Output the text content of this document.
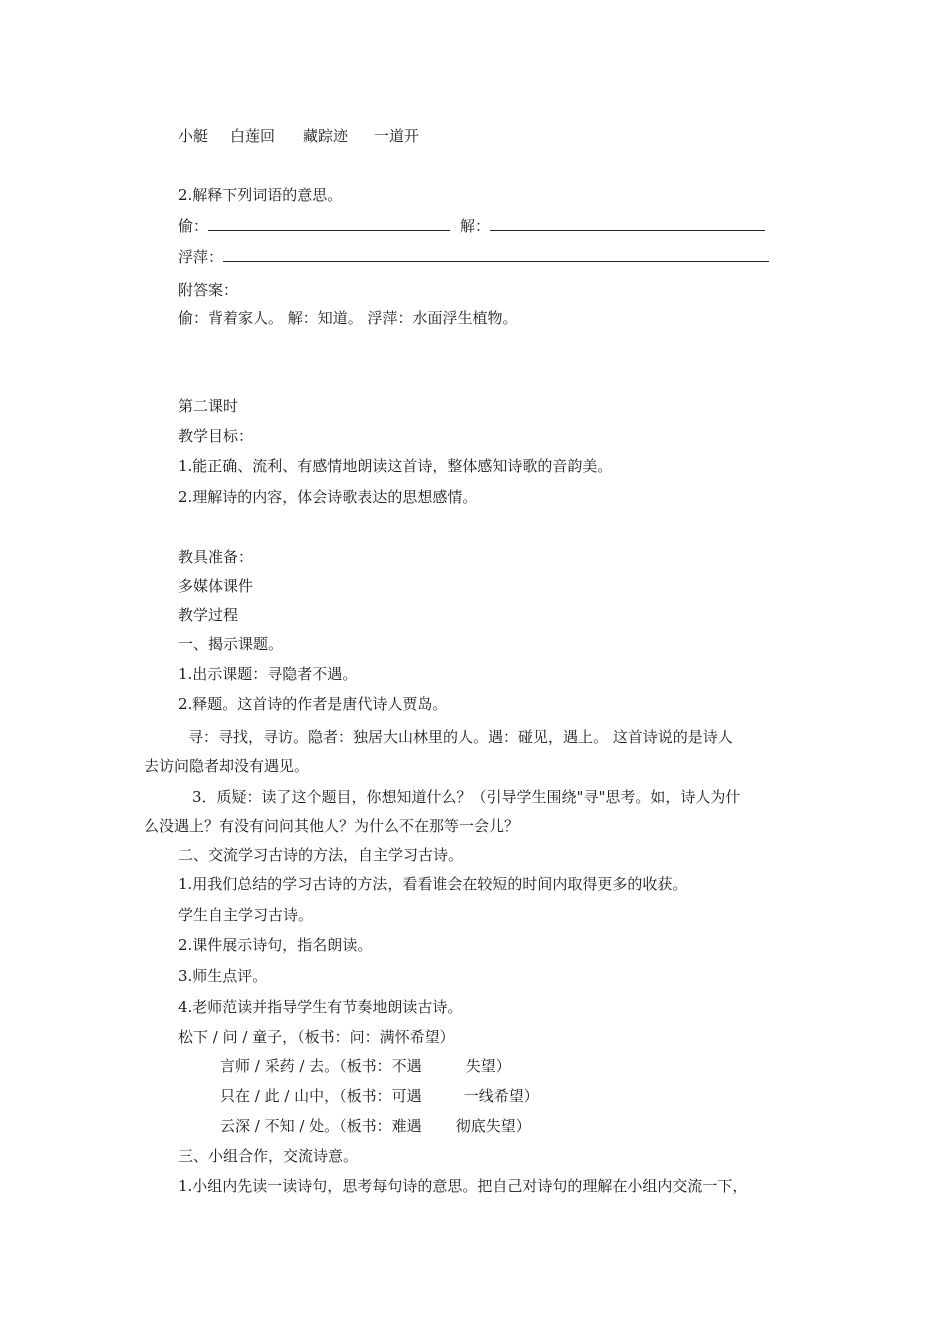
小艇 白莲回 藏踪迹 一道开
2.解释下列词语的意思。
偷：	解：
浮萍：
附答案：
偷：背着家人。 解：知道。 浮萍：水面浮生植物。
第二课时
教学目标：
1.能正确、流利、有感情地朗读这首诗，整体感知诗歌的音韵美。
2.理解诗的内容，体会诗歌表达的思想感情。
教具准备：
多媒体课件
教学过程
一、揭示课题。
1.出示课题：寻隐者不遇。
2.释题。这首诗的作者是唐代诗人贾岛。
寻：寻找，寻访。隐者：独居大山林里的人。遇：碰见，遇上。 这首诗说的是诗人
去访问隐者却没有遇见。
3．质疑：读了这个题目，你想知道什么？（引导学生围绕"寻"思考。如，诗人为什
么没遇上？有没有问问其他人？为什么不在那等一会儿？
二、交流学习古诗的方法，自主学习古诗。
1.用我们总结的学习古诗的方法，看看谁会在较短的时间内取得更多的收获。
学生自主学习古诗。
2.课件展示诗句，指名朗读。
3.师生点评。
4.老师范读并指导学生有节奏地朗读古诗。
松下 / 问 / 童子，（板书：问：满怀希望）
言师 / 采药 / 去。（板书：不遇	失望）
只在 / 此 / 山中，（板书：可遇	一线希望）
云深 / 不知 / 处。（板书：难遇 彻底失望）
三、小组合作，交流诗意。
1.小组内先读一读诗句，思考每句诗的意思。把自己对诗句的理解在小组内交流一下，
